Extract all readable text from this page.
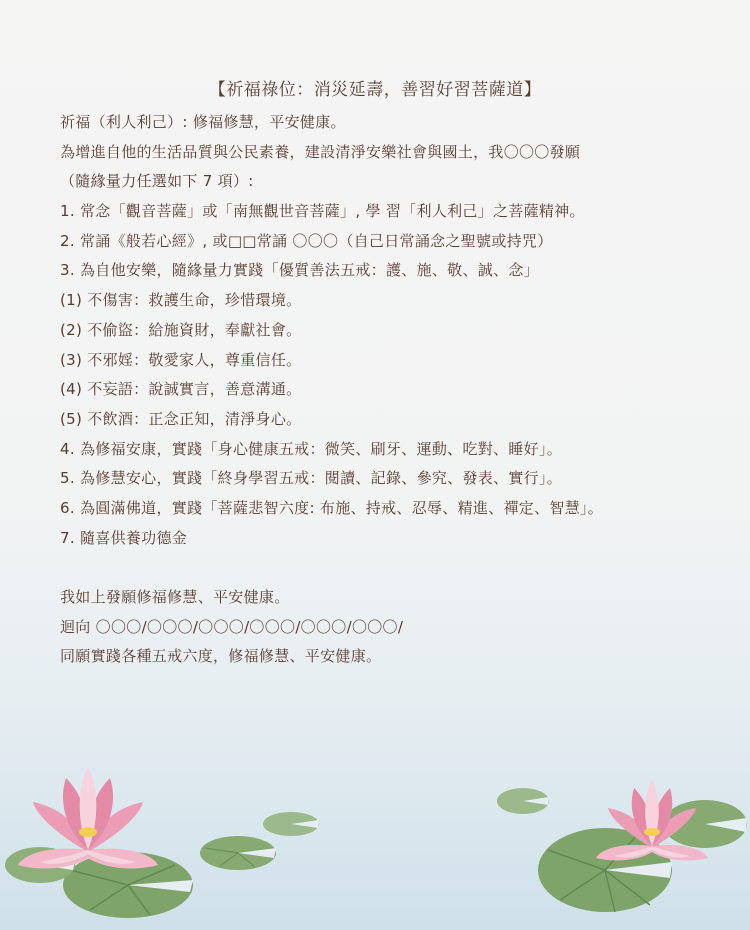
【祈福祿位：消災延壽，善習好習菩薩道】
祈福（利人利己）: 修福修慧，平安健康。
為增進自他的生活品質與公民素養，建設清淨安樂社會與國土，我〇〇〇發願
（隨緣量力任選如下 7 項）:
1. 常念「觀音菩薩」或「南無觀世音菩薩」, 學 習「利人利己」之菩薩精神。
2. 常誦《般若心經》, 或□□常誦 〇〇〇（自己日常誦念之聖號或持咒）
3. 為自他安樂，隨緣量力實踐「優質善法五戒：護、施、敬、誠、念」
(1) 不傷害：救護生命，珍惜環境。
(2) 不偷盜：給施資財，奉獻社會。
(3) 不邪婬：敬愛家人，尊重信任。
(4) 不妄語：說誠實言，善意溝通。
(5) 不飲酒：正念正知，清淨身心。
4. 為修福安康，實踐「身心健康五戒：微笑、刷牙、運動、吃對、睡好」。
5. 為修慧安心，實踐「終身學習五戒：閱讀、記錄、參究、發表、實行」。
6. 為圓滿佛道，實踐「菩薩悲智六度: 布施、持戒、忍辱、精進、禪定、智慧」。
7. 隨喜供養功德金
我如上發願修福修慧、平安健康。
迴向 〇〇〇/〇〇〇/〇〇〇/〇〇〇/〇〇〇/〇〇〇/
同願實踐各種五戒六度，修福修慧、平安健康。
